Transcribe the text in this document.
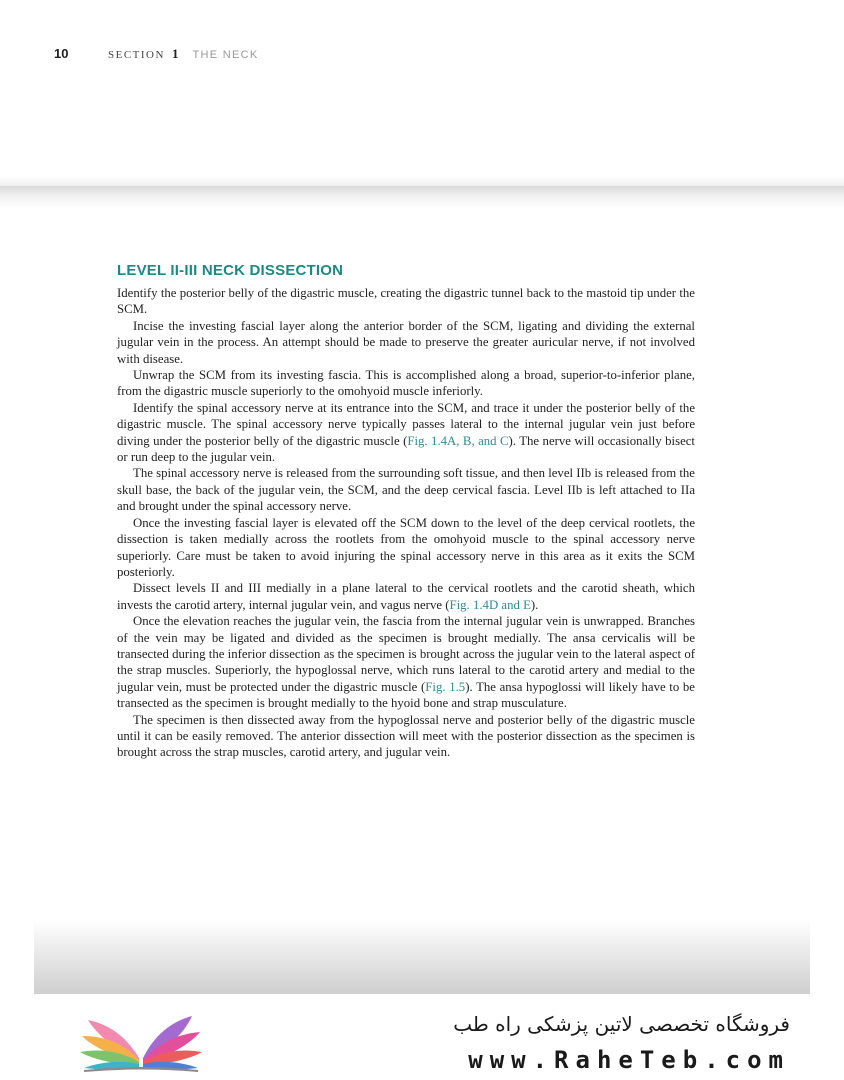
10	SECTION 1 THE NECK
LEVEL II-III NECK DISSECTION

Identify the posterior belly of the digastric muscle, creating the digastric tunnel back to the mastoid tip under the SCM.

Incise the investing fascial layer along the anterior border of the SCM, ligating and dividing the external jugular vein in the process. An attempt should be made to preserve the greater auricular nerve, if not involved with disease.

Unwrap the SCM from its investing fascia. This is accomplished along a broad, superior-to-inferior plane, from the digastric muscle superiorly to the omohyoid muscle inferiorly.

Identify the spinal accessory nerve at its entrance into the SCM, and trace it under the posterior belly of the digastric muscle. The spinal accessory nerve typically passes lateral to the internal jugular vein just before diving under the posterior belly of the digastric muscle (Fig. 1.4A, B, and C). The nerve will occasionally bisect or run deep to the jugular vein.

The spinal accessory nerve is released from the surrounding soft tissue, and then level IIb is released from the skull base, the back of the jugular vein, the SCM, and the deep cervical fascia. Level IIb is left attached to IIa and brought under the spinal accessory nerve.

Once the investing fascial layer is elevated off the SCM down to the level of the deep cervical rootlets, the dissection is taken medially across the rootlets from the omohyoid muscle to the spinal accessory nerve superiorly. Care must be taken to avoid injuring the spinal accessory nerve in this area as it exits the SCM posteriorly.

Dissect levels II and III medially in a plane lateral to the cervical rootlets and the carotid sheath, which invests the carotid artery, internal jugular vein, and vagus nerve (Fig. 1.4D and E).

Once the elevation reaches the jugular vein, the fascia from the internal jugular vein is unwrapped. Branches of the vein may be ligated and divided as the specimen is brought medially. The ansa cervicalis will be transected during the inferior dissection as the specimen is brought across the jugular vein to the lateral aspect of the strap muscles. Superiorly, the hypoglossal nerve, which runs lateral to the carotid artery and medial to the jugular vein, must be protected under the digastric muscle (Fig. 1.5). The ansa hypoglossi will likely have to be transected as the specimen is brought medially to the hyoid bone and strap musculature.

The specimen is then dissected away from the hypoglossal nerve and posterior belly of the digastric muscle until it can be easily removed. The anterior dissection will meet with the posterior dissection as the specimen is brought across the strap muscles, carotid artery, and jugular vein.

فروشگاه تخصصی لاتین پزشکی راه طب
www.RaheTeb.com
